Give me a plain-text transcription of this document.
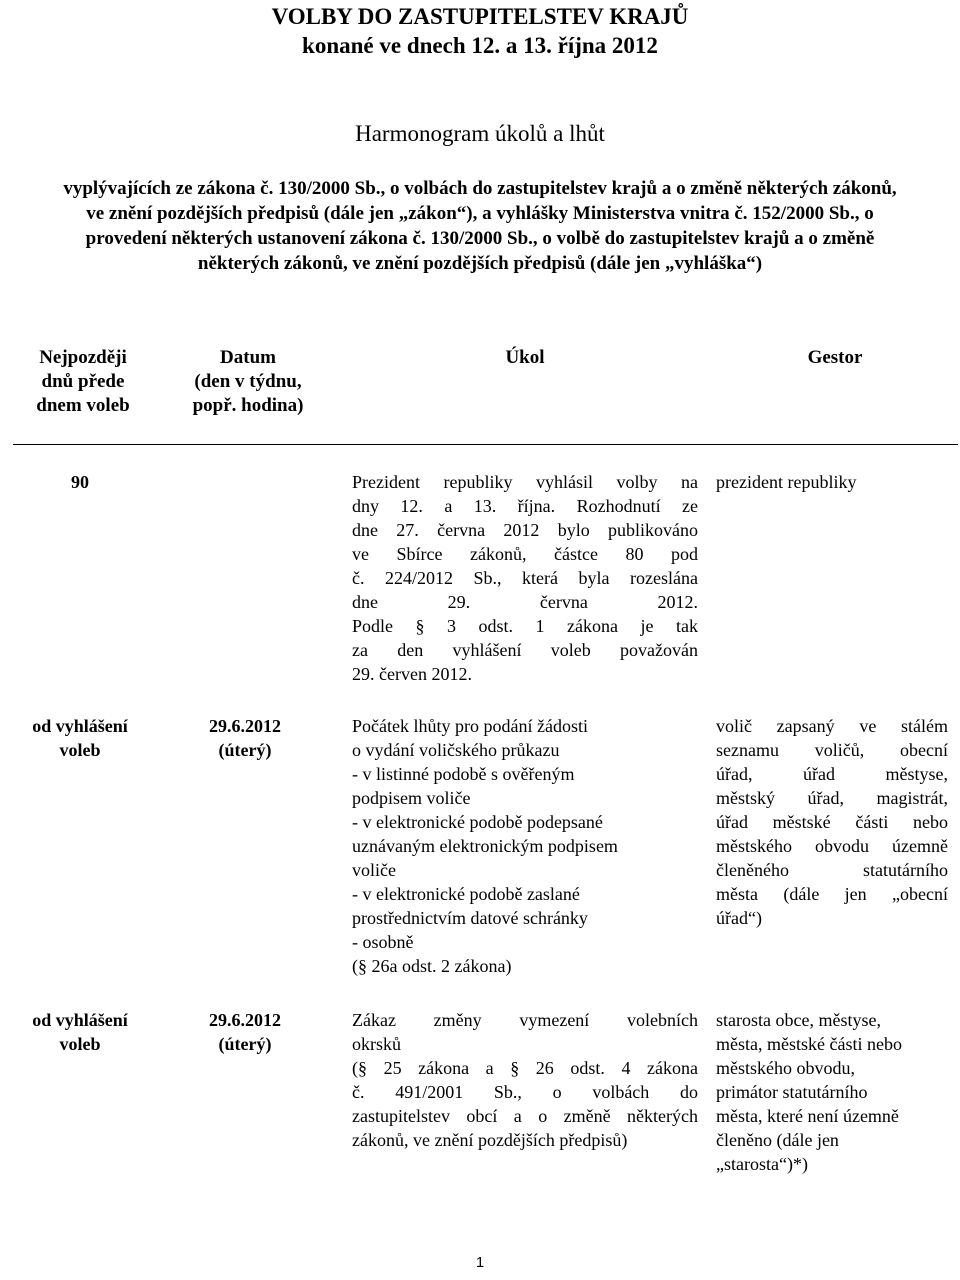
VOLBY DO ZASTUPITELSTEV KRAJŮ
konané ve dnech 12. a 13. října 2012
Harmonogram úkolů a lhůt
vyplývajících ze zákona č. 130/2000 Sb., o volbách do zastupitelstev krajů a o změně některých zákonů, ve znění pozdějších předpisů (dále jen „zákon“), a vyhlášky Ministerstva vnitra č. 152/2000 Sb., o provedení některých ustanovení zákona č. 130/2000 Sb., o volbě do zastupitelstev krajů a o změně některých zákonů, ve znění pozdějších předpisů (dále jen „vyhláška“)
Nejpozději
dnů přede
dnem voleb
Datum
(den v týdnu,
popř. hodina)
Úkol	Gestor
90	Prezident republiky vyhlásil volby na
dny 12. a 13. října. Rozhodnutí ze
dne 27. června 2012 bylo publikováno
ve Sbírce zákonů, částce 80 pod
č. 224/2012 Sb., která byla rozeslána
dne 29. června 2012.
Podle § 3 odst. 1 zákona je tak
za den vyhlášení voleb považován
29. červen 2012.
prezident republiky
od vyhlášení
voleb
29.6.2012
(úterý)
Počátek lhůty pro podání žádosti
o vydání voličského průkazu
- v listinné podobě s ověřeným
podpisem voliče
- v elektronické podobě podepsané
uznávaným elektronickým podpisem
voliče
- v elektronické podobě zaslané
prostřednictvím datové schránky
- osobně
(§ 26a odst. 2 zákona)
volič zapsaný ve stálém
seznamu voličů, obecní
úřad, úřad městyse,
městský úřad, magistrát,
úřad městské části nebo
městského obvodu územně
členěného statutárního
města (dále jen „obecní
úřad“)
od vyhlášení
voleb
29.6.2012
(úterý)
Zákaz změny vymezení volebních
okrsků
(§ 25 zákona a § 26 odst. 4 zákona
č. 491/2001 Sb., o volbách do
zastupitelstev obcí a o změně některých
zákonů, ve znění pozdějších předpisů)
starosta obce, městyse,
města, městské části nebo
městského obvodu,
primátor statutárního
města, které není územně
členěno (dále jen
„starosta“)*)
1
